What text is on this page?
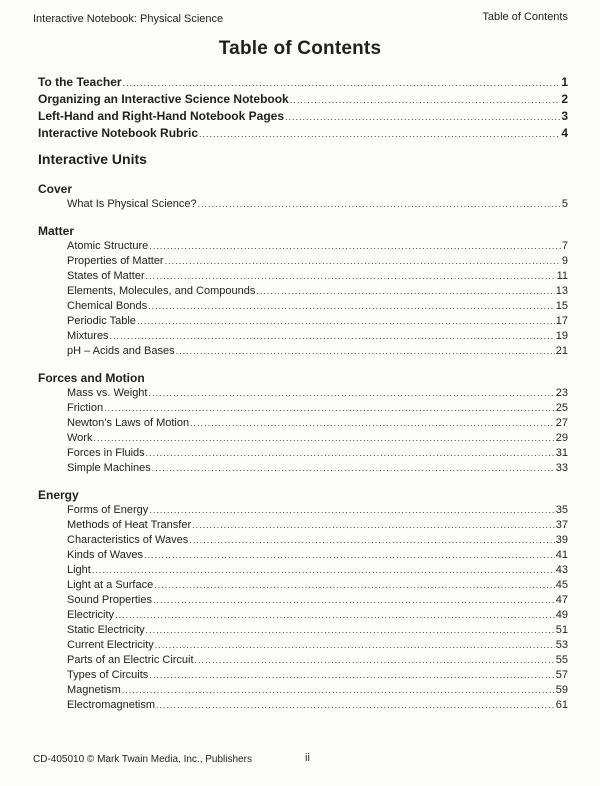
Interactive Notebook: Physical Science	Table of Contents
Table of Contents
To the Teacher .....	1
Organizing an Interactive Science Notebook .....	2
Left-Hand and Right-Hand Notebook Pages .....	3
Interactive Notebook Rubric .....	4
Interactive Units
Cover
What Is Physical Science? .....	5
Matter
Atomic Structure .....	7
Properties of Matter .....	9
States of Matter .....	11
Elements, Molecules, and Compounds .....	13
Chemical Bonds .....	15
Periodic Table .....	17
Mixtures .....	19
pH – Acids and Bases .....	21
Forces and Motion
Mass vs. Weight .....	23
Friction .....	25
Newton’s Laws of Motion .....	27
Work .....	29
Forces in Fluids .....	31
Simple Machines .....	33
Energy
Forms of Energy .....	35
Methods of Heat Transfer .....	37
Characteristics of Waves .....	39
Kinds of Waves .....	41
Light .....	43
Light at a Surface .....	45
Sound Properties .....	47
Electricity .....	49
Static Electricity .....	51
Current Electricity .....	53
Parts of an Electric Circuit .....	55
Types of Circuits .....	57
Magnetism .....	59
Electromagnetism .....	61
CD-405010 © Mark Twain Media, Inc., Publishers	ii
